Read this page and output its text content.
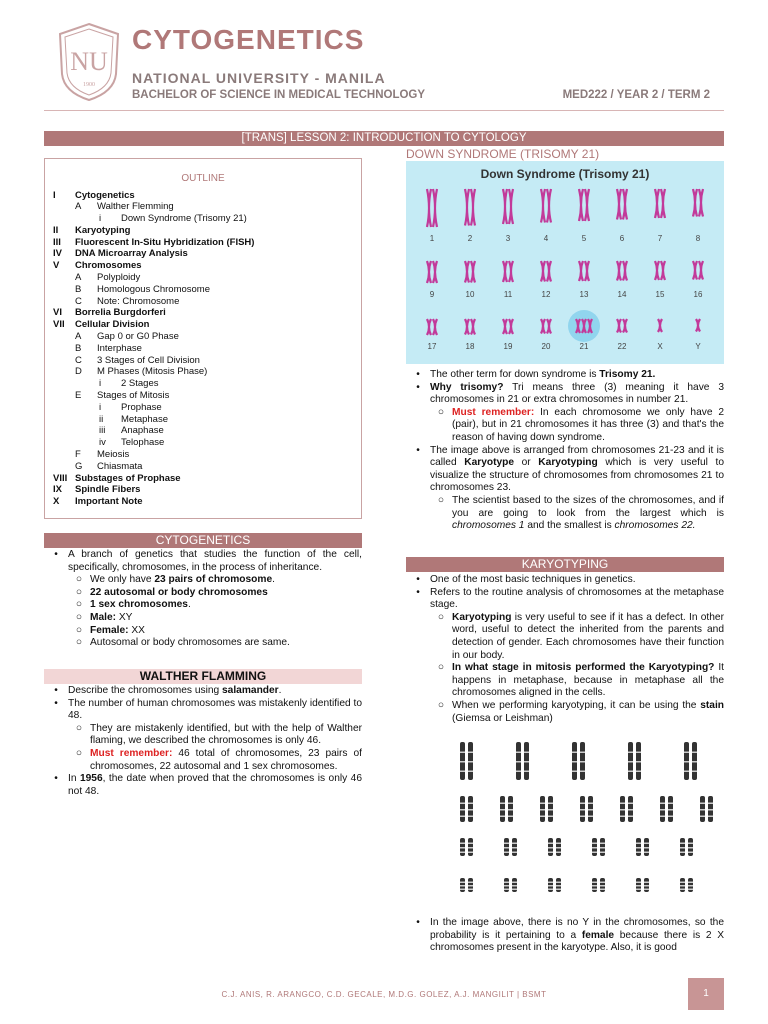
NU
1900
CYTOGENETICS
NATIONAL UNIVERSITY - MANILA
BACHELOR OF SCIENCE IN MEDICAL TECHNOLOGY	MED222 / YEAR 2 / TERM 2
[TRANS] LESSON 2: INTRODUCTION TO CYTOLOGY
OUTLINE
I	Cytogenetics
A	Walther Flemming
i	Down Syndrome (Trisomy 21)
II	Karyotyping
III	Fluorescent In-Situ Hybridization (FISH)
IV	DNA Microarray Analysis
V	Chromosomes
A	Polyploidy
B	Homologous Chromosome
C	Note: Chromosome
VI	Borrelia Burgdorferi
VII	Cellular Division
A	Gap 0 or G0 Phase
B	Interphase
C	3 Stages of Cell Division
D	M Phases (Mitosis Phase)
i	2 Stages
E	Stages of Mitosis
i	Prophase
ii	Metaphase
iii	Anaphase
iv	Telophase
F	Meiosis
G	Chiasmata
VIII Substages of Prophase
IX	Spindle Fibers
X	Important Note
CYTOGENETICS
•	A branch of genetics that studies the function of the cell, specifically, chromosomes, in the process of inheritance.
○ We only have 23 pairs of chromosome.
○ 22 autosomal or body chromosomes
○ 1 sex chromosomes.
○ Male: XY
○ Female: XX
○ Autosomal or body chromosomes are same.
WALTHER FLAMMING
•	Describe the chromosomes using salamander.
•	The number of human chromosomes was mistakenly identified to 48.
○ They are mistakenly identified, but with the help of Walther flaming, we described the chromosomes is only 46.
○ Must remember: 46 total of chromosomes, 23 pairs of chromosomes, 22 autosomal and 1 sex chromosomes.
•	In 1956, the date when proved that the chromosomes is only 46 not 48.
DOWN SYNDROME (TRISOMY 21)
Down Syndrome (Trisomy 21)
1	2	3	4	5	6	7	8
9	10	11	12	13	14	15	16
17	18	19	20	21	22	X	Y
•	The other term for down syndrome is Trisomy 21.
•	Why trisomy? Tri means three (3) meaning it have 3 chromosomes in 21 or extra chromosomes in number 21.
○ Must remember: In each chromosome we only have 2 (pair), but in 21 chromosomes it has three (3) and that's the reason of having down syndrome.
•	The image above is arranged from chromosomes 21-23 and it is called Karyotype or Karyotyping which is very useful to visualize the structure of chromosomes from chromosomes 21 to chromosomes 23.
○ The scientist based to the sizes of the chromosomes, and if you are going to look from the largest which is chromosomes 1 and the smallest is chromosomes 22.
KARYOTYPING
•	One of the most basic techniques in genetics.
•	Refers to the routine analysis of chromosomes at the metaphase stage.
○ Karyotyping is very useful to see if it has a defect. In other word, useful to detect the inherited from the parents and detection of gender. Each chromosomes have their function in our body.
○ In what stage in mitosis performed the Karyotyping? It happens in metaphase, because in metaphase all the chromosomes aligned in the cells.
○ When we performing karyotyping, it can be using the stain (Giemsa or Leishman)
•	In the image above, there is no Y in the chromosomes, so the probability is it pertaining to a female because there is 2 X chromosomes present in the karyotype. Also, it is good
C.J. ANIS, R. ARANGCO, C.D. GECALE, M.D.G. GOLEZ, A.J. MANGILIT | BSMT	1
